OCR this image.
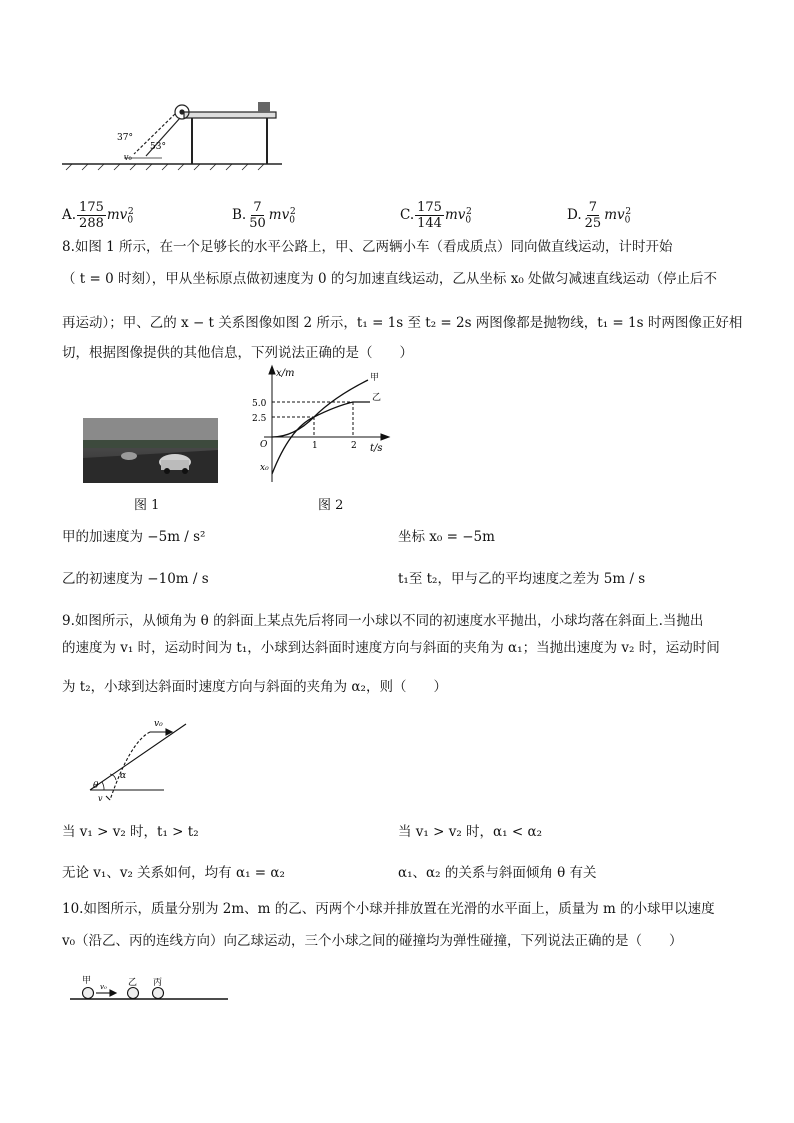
37°
53°
v₀
A. $\frac{175}{288} mv_0^2$	B. $\frac{7}{50} mv_0^2$	C. $\frac{175}{144} mv_0^2$	D. $\frac{7}{25} mv_0^2$
8.如图 1 所示，在一个足够长的水平公路上，甲、乙两辆小车（看成质点）同向做直线运动，计时开始
（ t = 0 时刻），甲从坐标原点做初速度为 0 的匀加速直线运动，乙从坐标 x₀ 处做匀减速直线运动（停止后不
再运动）；甲、乙的 x − t 关系图像如图 2 所示，t₁ = 1s 至 t₂ = 2s 两图像都是抛物线，t₁ = 1s 时两图像正好相
切，根据图像提供的其他信息，下列说法正确的是（　　）
图 1
x/m
t/s
5.0
2.5
1	2
O
x₀
甲
乙
图 2
甲的加速度为 −5m / s²	坐标 x₀ = −5m
乙的初速度为 −10m / s	t₁至 t₂，甲与乙的平均速度之差为 5m / s
9.如图所示，从倾角为 θ 的斜面上某点先后将同一小球以不同的初速度水平抛出，小球均落在斜面上.当抛出
的速度为 v₁ 时，运动时间为 t₁，小球到达斜面时速度方向与斜面的夹角为 α₁；当抛出速度为 v₂ 时，运动时间
为 t₂，小球到达斜面时速度方向与斜面的夹角为 α₂，则（　　）
v₀
θ
α
v
当 v₁ > v₂ 时，t₁ > t₂	当 v₁ > v₂ 时，α₁ < α₂
无论 v₁、v₂ 关系如何，均有 α₁ = α₂	α₁、α₂ 的关系与斜面倾角 θ 有关
10.如图所示，质量分别为 2m、m 的乙、丙两个小球并排放置在光滑的水平面上，质量为 m 的小球甲以速度
v₀（沿乙、丙的连线方向）向乙球运动，三个小球之间的碰撞均为弹性碰撞，下列说法正确的是（　　）
甲	乙 丙
v₀
